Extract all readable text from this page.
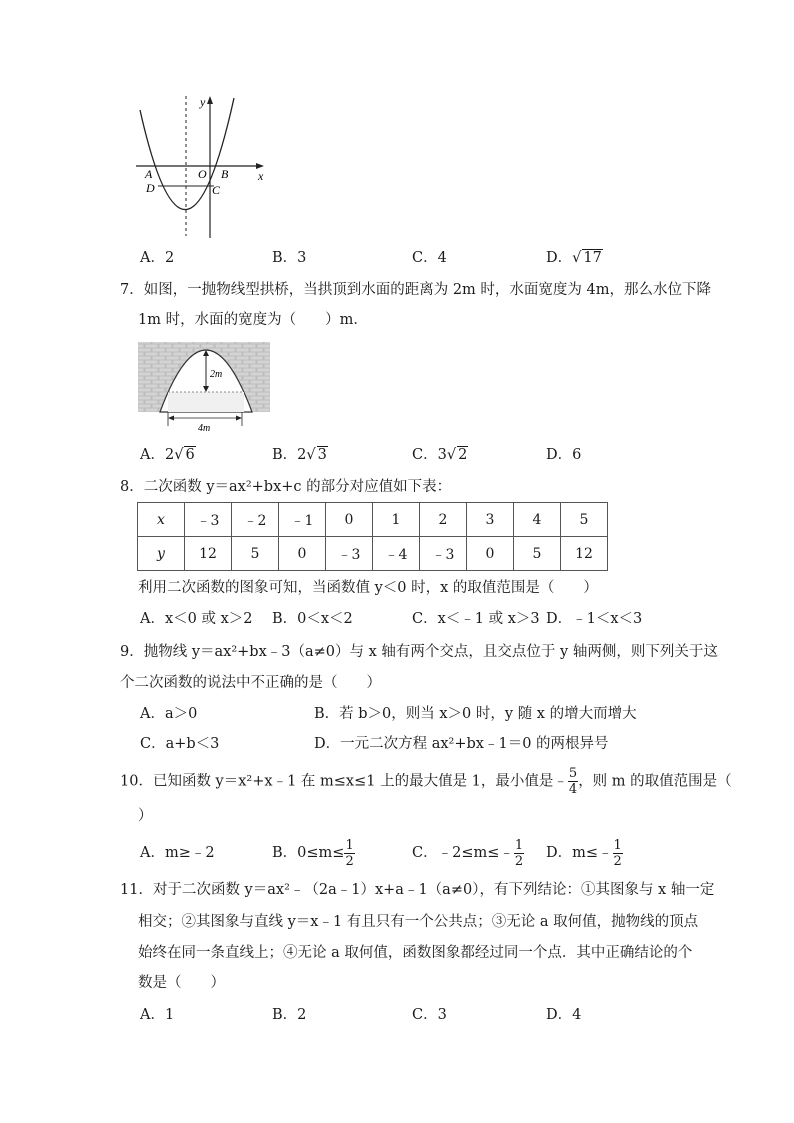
y
x
A	O B
D	C
A．2	B．3	C．4	D．√ 17
7．如图，一抛物线型拱桥，当拱顶到水面的距离为 2m 时，水面宽度为 4m，那么水位下降
1m 时，水面的宽度为（　　）m．
2m
4m
A．2√ 6	B．2√ 3	C．3√ 2	D．6
8．二次函数 y＝ax²+bx+c 的部分对应值如下表：
x	﹣3	﹣2	﹣1	0	1	2	3	4	5
y	12	5	0	﹣3	﹣4	﹣3	0	5	12
利用二次函数的图象可知，当函数值 y＜0 时，x 的取值范围是（　　）
A．x＜0 或 x＞2 B．0＜x＜2	C．x＜﹣1 或 x＞3 D．﹣1＜x＜3
9．抛物线 y＝ax²+bx﹣3（a≠0）与 x 轴有两个交点，且交点位于 y 轴两侧，则下列关于这
个二次函数的说法中不正确的是（　　）
A．a＞0	B．若 b＞0，则当 x＞0 时，y 随 x 的增大而增大
C．a+b＜3	D．一元二次方程 ax²+bx﹣1＝0 的两根异号
10．已知函数 y＝x²+x﹣1 在 m≤x≤1 上的最大值是 1，最小值是﹣ $\frac{5}{4}$ ，则 m 的取值范围是（
）
A．m≥﹣2	B．$0\le m\le \frac{1}{2}$	C．﹣2≤m≤﹣ $\frac{1}{2}$ D．m≤﹣ $\frac{1}{2}$
11．对于二次函数 y＝ax²﹣（2a﹣1）x+a﹣1（a≠0），有下列结论：①其图象与 x 轴一定
相交；②其图象与直线 y＝x﹣1 有且只有一个公共点；③无论 a 取何值，抛物线的顶点
始终在同一条直线上；④无论 a 取何值，函数图象都经过同一个点．其中正确结论的个
数是（　　）
A．1	B．2	C．3	D．4
